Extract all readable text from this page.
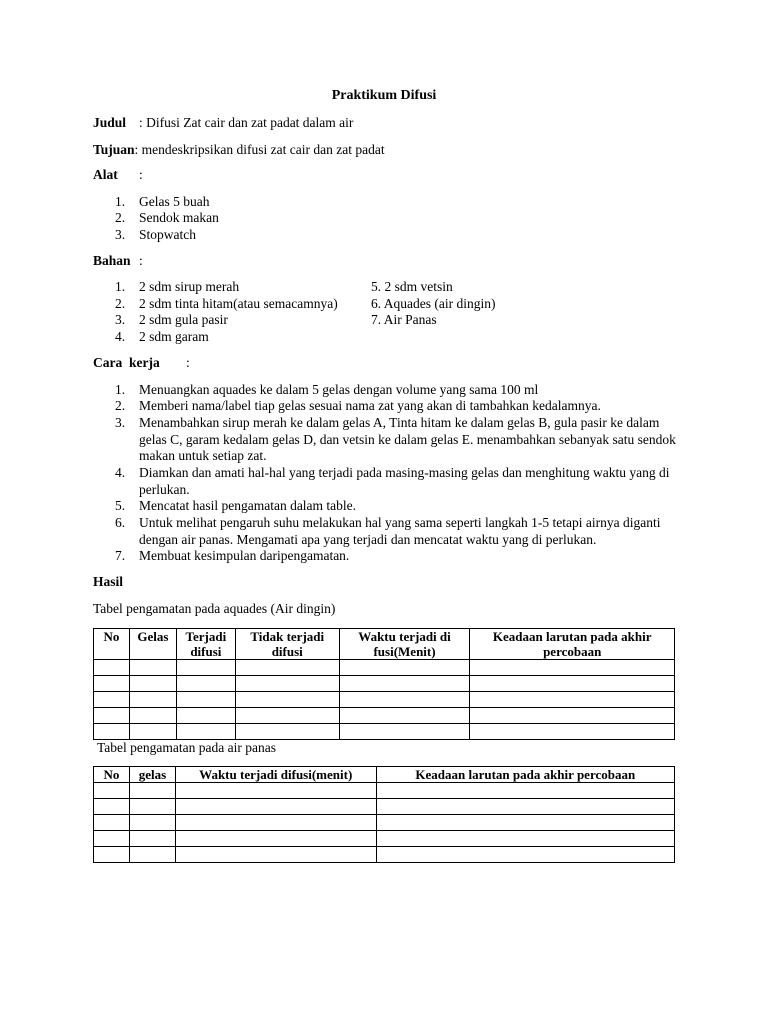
Praktikum Difusi
Judul : Difusi Zat cair dan zat padat dalam air
Tujuan: mendeskripsikan difusi zat cair dan zat padat
Alat :
1. Gelas 5 buah
2. Sendok makan
3. Stopwatch
Bahan :
1. 2 sdm sirup merah
2. 2 sdm tinta hitam(atau semacamnya)
3. 2 sdm gula pasir
4. 2 sdm garam
5. 2 sdm vetsin
6. Aquades (air dingin)
7. Air Panas
Cara  kerja :
1. Menuangkan aquades ke dalam 5 gelas dengan volume yang sama 100 ml
2. Memberi nama/label tiap gelas sesuai nama zat yang akan di tambahkan kedalamnya.
3. Menambahkan sirup merah ke dalam gelas A, Tinta hitam ke dalam gelas B, gula pasir ke dalam gelas C, garam kedalam gelas D, dan vetsin ke dalam gelas E. menambahkan sebanyak satu sendok makan untuk setiap zat.
4. Diamkan dan amati hal-hal yang terjadi pada masing-masing gelas dan menghitung waktu yang di perlukan.
5. Mencatat hasil pengamatan dalam table.
6. Untuk melihat pengaruh suhu melakukan hal yang sama seperti langkah 1-5 tetapi airnya diganti dengan air panas. Mengamati apa yang terjadi dan mencatat waktu yang di perlukan.
7. Membuat kesimpulan daripengamatan.
Hasil
Tabel pengamatan pada aquades (Air dingin)
No	Gelas	Terjadi difusi	Tidak terjadi difusi	Waktu terjadi di fusi(Menit)	Keadaan larutan pada akhir percobaan

Tabel pengamatan pada air panas
No	gelas	Waktu terjadi difusi(menit)	Keadaan larutan pada akhir percobaan
